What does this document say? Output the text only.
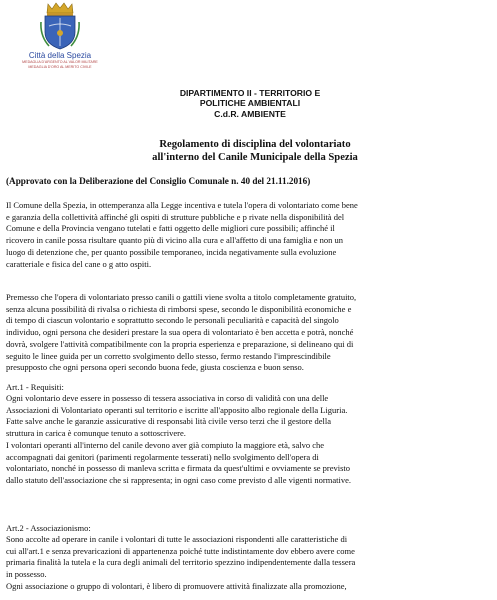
Città della Spezia
MEDAGLIA D'ARGENTO AL VALOR MILITARE
MEDAGLIA D'ORO AL MERITO CIVILE
DIPARTIMENTO II - TERRITORIO E
POLITICHE AMBIENTALI
C.d.R. AMBIENTE
Regolamento di disciplina del volontariato
all'interno del Canile Municipale della Spezia
(Approvato con la Deliberazione del Consiglio Comunale n. 40 del 21.11.2016)
Il Comune della Spezia, in ottemperanza alla Legge incentiva e tutela l'opera di volontariato come bene
e garanzia della collettività affinché gli ospiti di strutture pubbliche e p rivate nella disponibilità del
Comune e della Provincia vengano tutelati e fatti oggetto delle migliori cure possibili; affinché il
ricovero in canile possa risultare quanto più di vicino alla cura e all'affetto di una famiglia e non un
luogo di detenzione che, per quanto possibile temporaneo, incida negativamente sulla evoluzione
caratteriale e fisica del cane o g atto ospiti.
Premesso che l'opera di volontariato presso canili o gattili viene svolta a titolo completamente gratuito,
senza alcuna possibilità di rivalsa o richiesta di rimborsi spese, secondo le disponibilità economiche e
di tempo di ciascun volontario e soprattutto secondo le personali peculiarità e capacità del singolo
individuo, ogni persona che desideri prestare la sua opera di volontariato è ben accetta e potrà, nonché
dovrà, svolgere l'attività compatibilmente con la propria esperienza e preparazione, si delineano qui di
seguito le linee guida per un corretto svolgimento dello stesso, fermo restando l'imprescindibile
presupposto che ogni persona operi secondo buona fede, giusta coscienza e buon senso.
Art.1 - Requisiti:
Ogni volontario deve essere in possesso di tessera associativa in corso di validità con una delle
Associazioni di Volontariato operanti sul territorio e iscritte all'apposito albo regionale della Liguria.
Fatte salve anche le garanzie assicurative di responsabi lità civile verso terzi che il gestore della
struttura in carica è comunque tenuto a sottoscrivere.
I volontari operanti all'interno del canile devono aver già compiuto la maggiore età, salvo che
accompagnati dai genitori (parimenti regolarmente tesserati) nello svolgimento dell'opera di
volontariato, nonché in possesso di manleva scritta e firmata da quest'ultimi e ovviamente se previsto
dallo statuto dell'associazione che si rappresenta; in ogni caso come previsto d alle vigenti normative.
Art.2 - Associazionismo:
Sono accolte ad operare in canile i volontari di tutte le associazioni rispondenti alle caratteristiche di
cui all'art.1 e senza prevaricazioni di appartenenza poiché tutte indistintamente dov ebbero avere come
primaria finalità la tutela e la cura degli animali del territorio spezzino indipendentemente dalla tessera
in possesso.
Ogni associazione o gruppo di volontari, è libero di promuovere attività finalizzate alla promozione,
